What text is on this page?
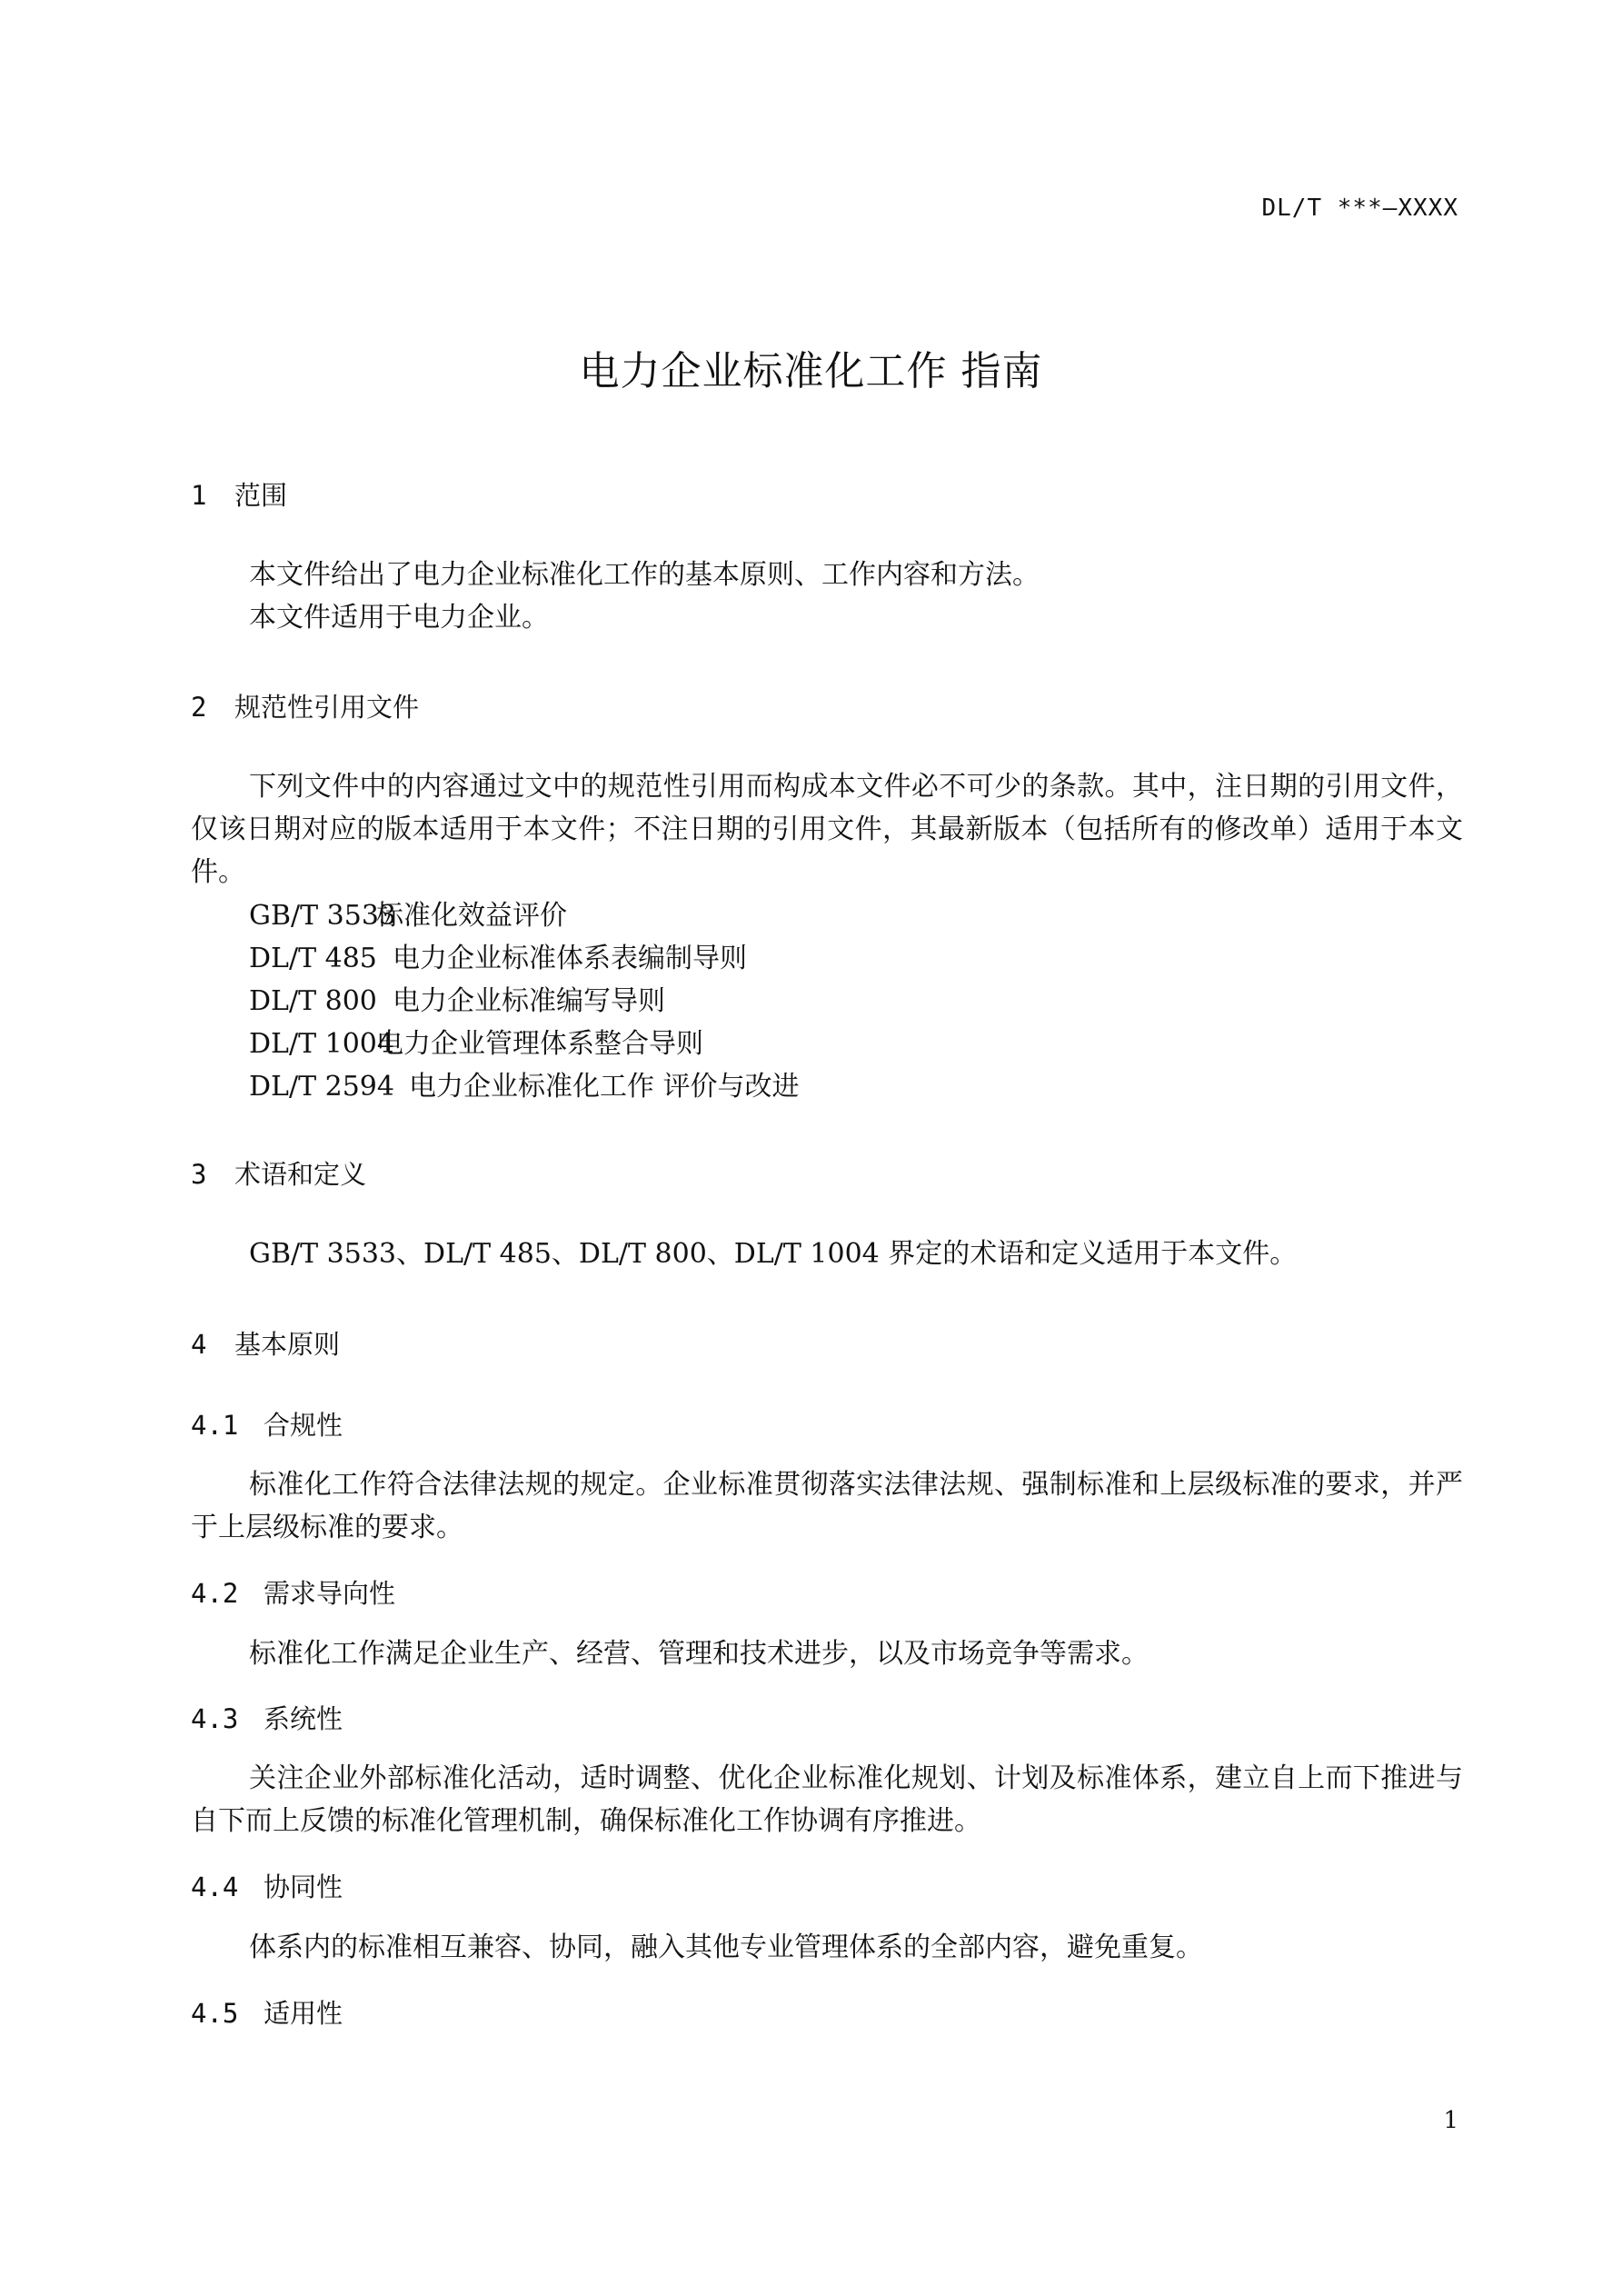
DL/T ***—XXXX
电力企业标准化工作 指南
1 范围
本文件给出了电力企业标准化工作的基本原则、工作内容和方法。
本文件适用于电力企业。
2 规范性引用文件
下列文件中的内容通过文中的规范性引用而构成本文件必不可少的条款。其中，注日期的引用文件，仅该日期对应的版本适用于本文件；不注日期的引用文件，其最新版本（包括所有的修改单）适用于本文件。
GB/T 3533标准化效益评价
DL/T 485 电力企业标准体系表编制导则
DL/T 800 电力企业标准编写导则
DL/T 1004电力企业管理体系整合导则
DL/T 2594 电力企业标准化工作 评价与改进
3 术语和定义
GB/T 3533、DL/T 485、DL/T 800、DL/T 1004 界定的术语和定义适用于本文件。
4 基本原则
4.1 合规性
标准化工作符合法律法规的规定。企业标准贯彻落实法律法规、强制标准和上层级标准的要求，并严于上层级标准的要求。
4.2 需求导向性
标准化工作满足企业生产、经营、管理和技术进步，以及市场竞争等需求。
4.3 系统性
关注企业外部标准化活动，适时调整、优化企业标准化规划、计划及标准体系，建立自上而下推进与自下而上反馈的标准化管理机制，确保标准化工作协调有序推进。
4.4 协同性
体系内的标准相互兼容、协同，融入其他专业管理体系的全部内容，避免重复。
4.5 适用性
1
